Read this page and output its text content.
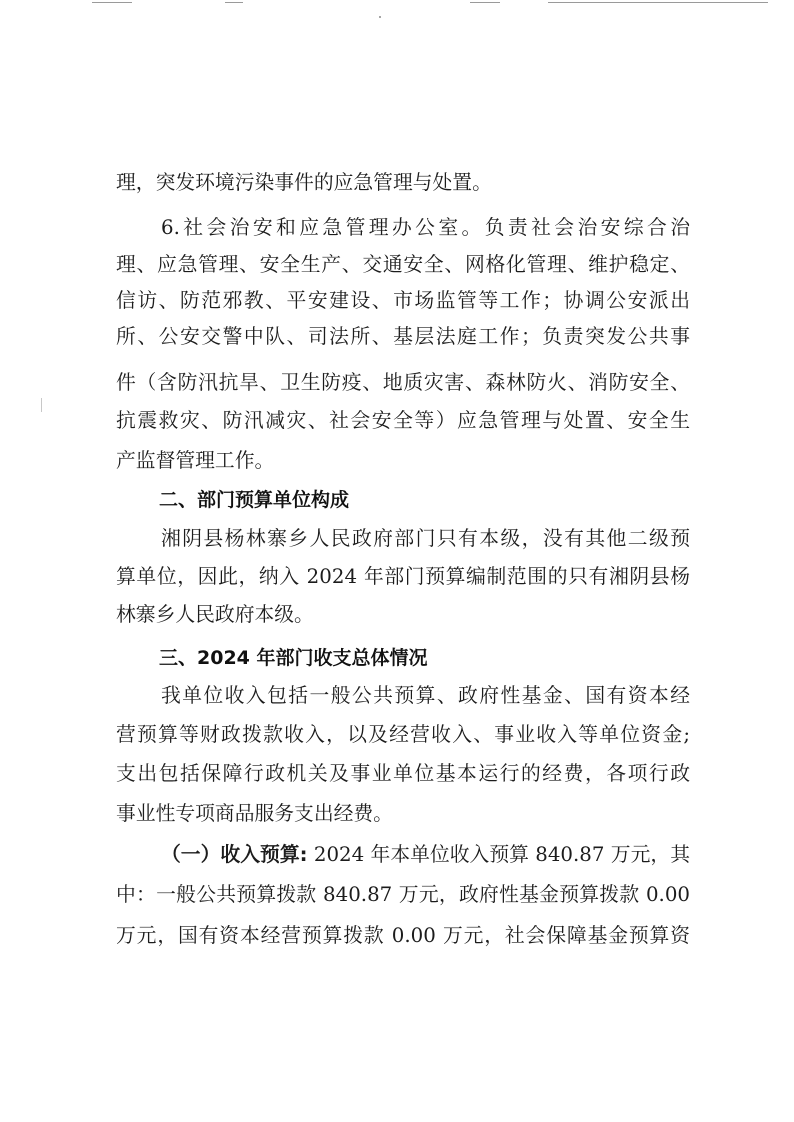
理，突发环境污染事件的应急管理与处置。
6.社会治安和应急管理办公室。负责社会治安综合治
理、应急管理、安全生产、交通安全、网格化管理、维护稳定、
信访、防范邪教、平安建设、市场监管等工作；协调公安派出
所、公安交警中队、司法所、基层法庭工作；负责突发公共事
件（含防汛抗旱、卫生防疫、地质灾害、森林防火、消防安全、
抗震救灾、防汛减灾、社会安全等）应急管理与处置、安全生
产监督管理工作。
二、部门预算单位构成
湘阴县杨林寨乡人民政府部门只有本级，没有其他二级预
算单位，因此，纳入 2024 年部门预算编制范围的只有湘阴县杨
林寨乡人民政府本级。
三、2024 年部门收支总体情况
我单位收入包括一般公共预算、政府性基金、国有资本经
营预算等财政拨款收入，以及经营收入、事业收入等单位资金;
支出包括保障行政机关及事业单位基本运行的经费，各项行政
事业性专项商品服务支出经费。
（一）收入预算: 2024 年本单位收入预算 840.87 万元，其
中：一般公共预算拨款 840.87 万元，政府性基金预算拨款 0.00
万元，国有资本经营预算拨款 0.00 万元，社会保障基金预算资
